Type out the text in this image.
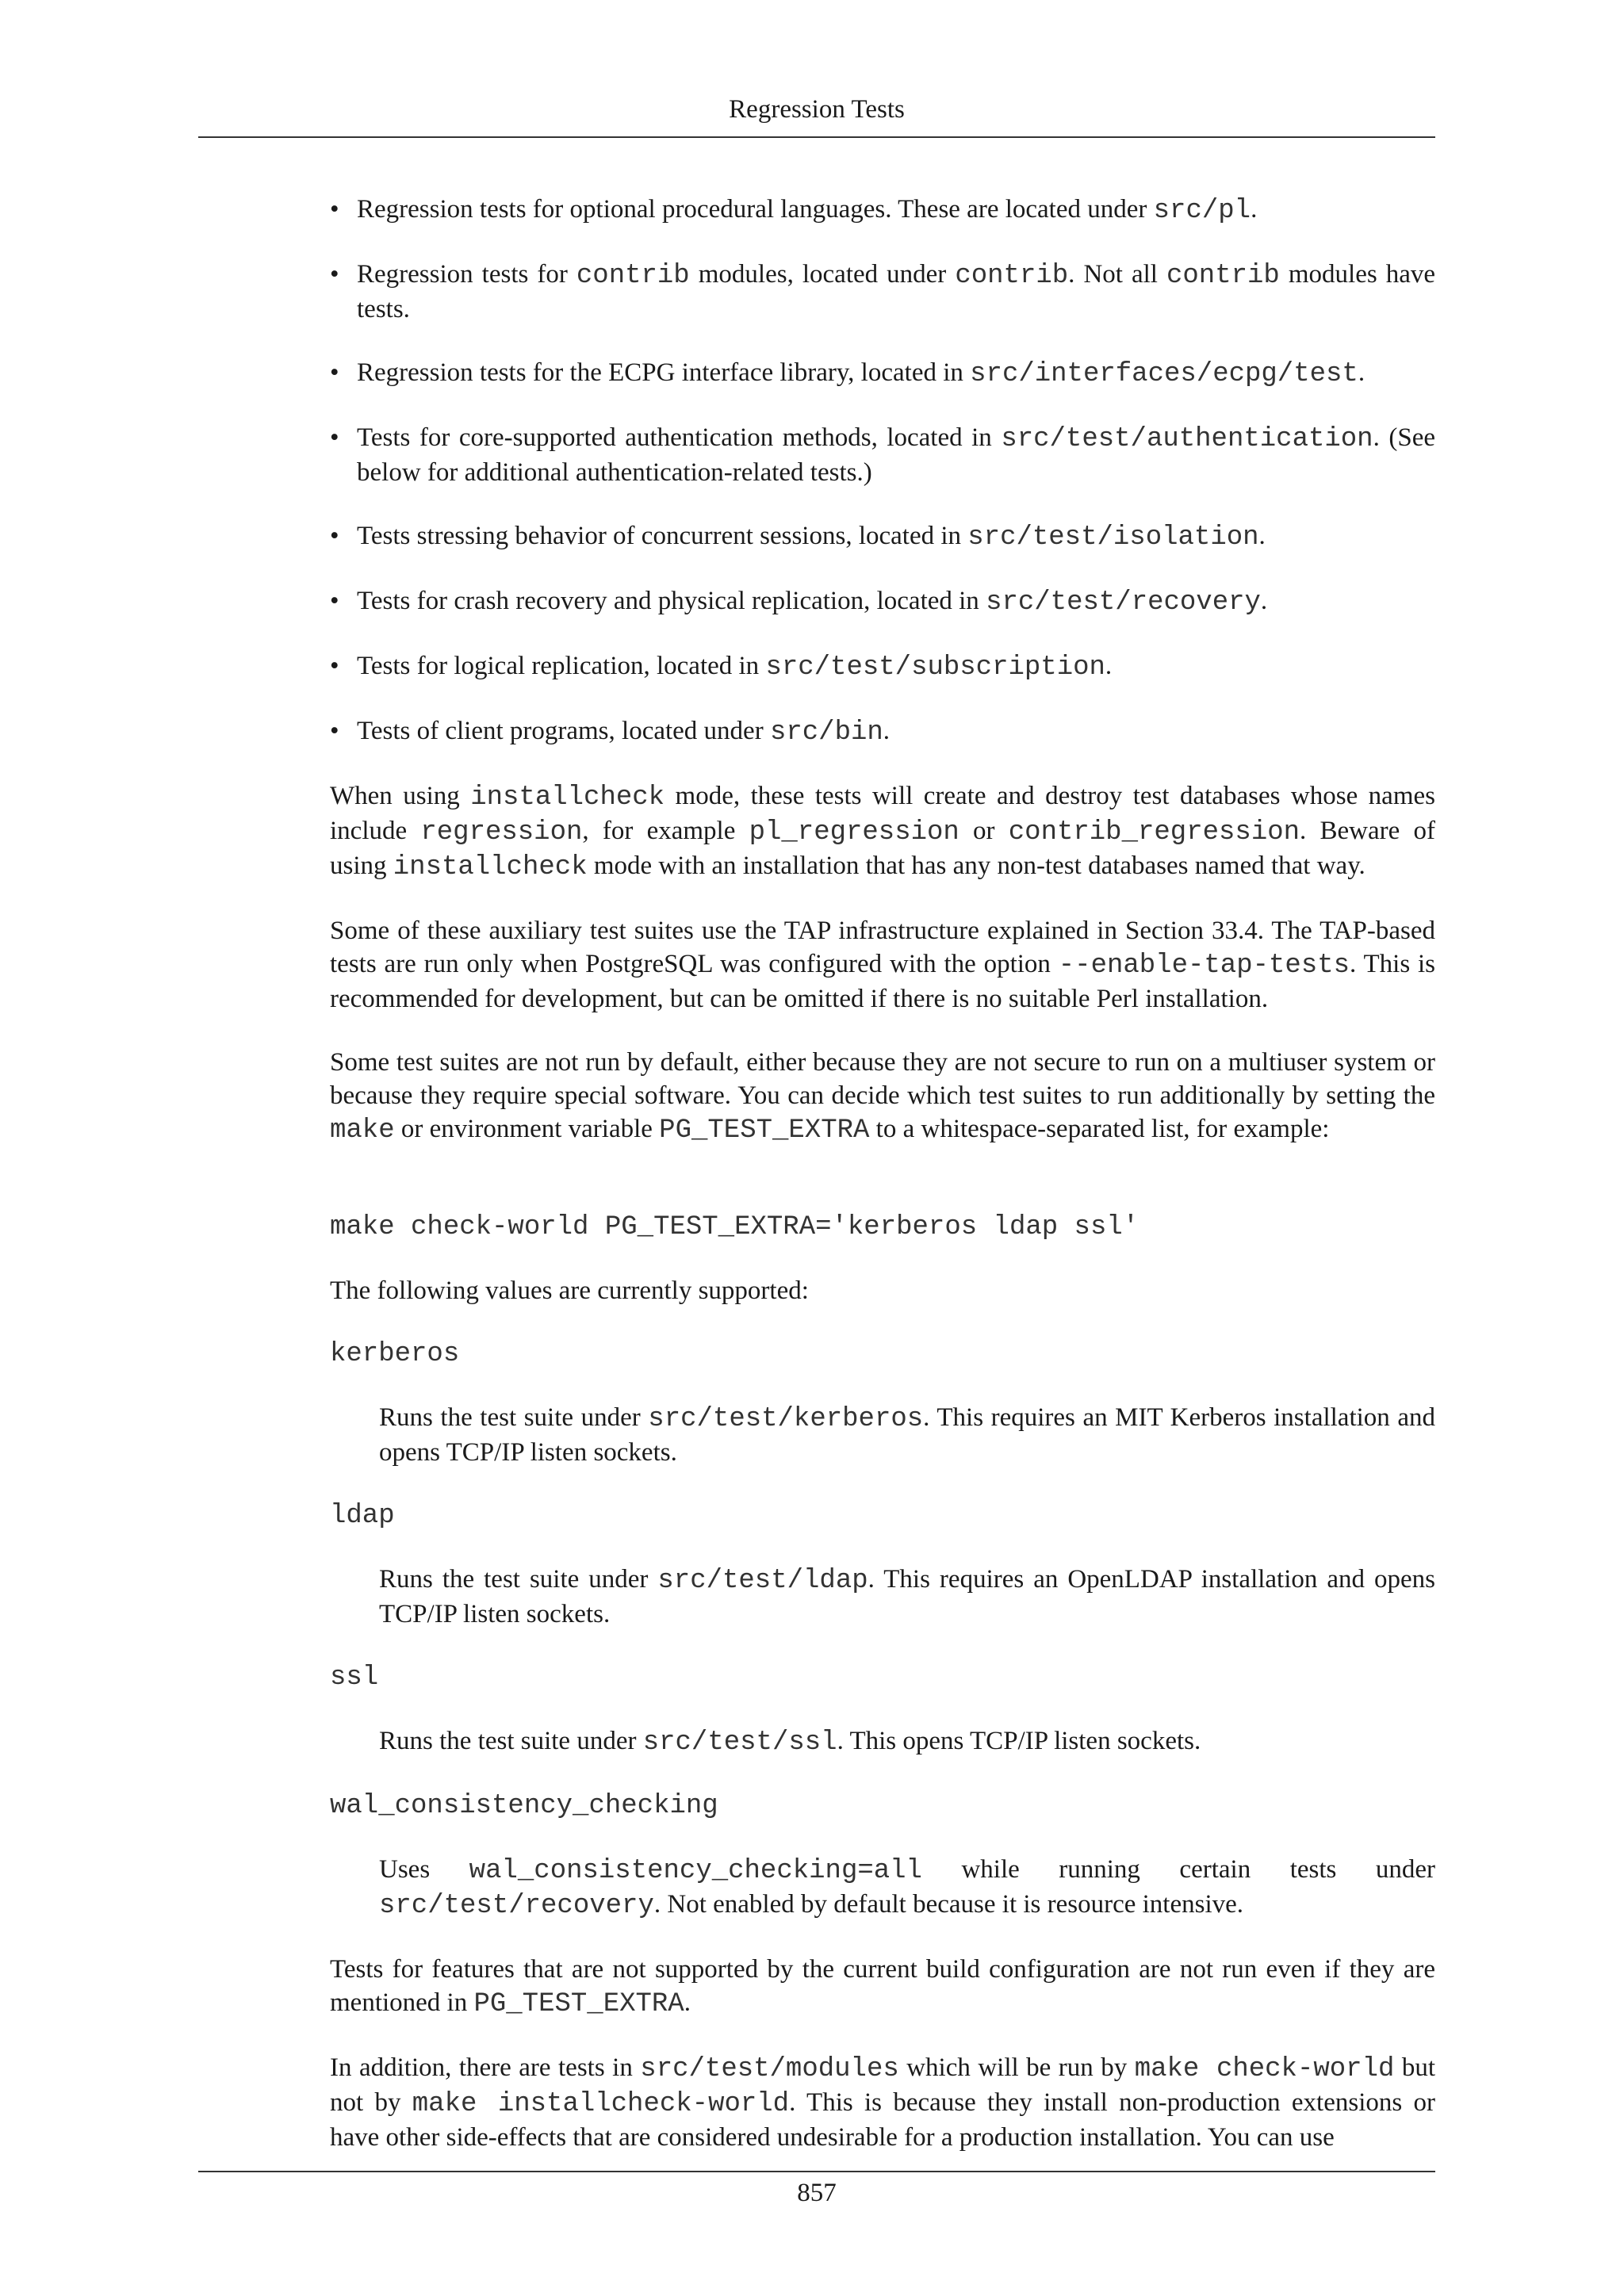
Regression Tests
• Regression tests for optional procedural languages. These are located under src/pl.
• Regression tests for contrib modules, located under contrib. Not all contrib modules have tests.
• Regression tests for the ECPG interface library, located in src/interfaces/ecpg/test.
• Tests for core-supported authentication methods, located in src/test/authentication. (See below for additional authentication-related tests.)
• Tests stressing behavior of concurrent sessions, located in src/test/isolation.
• Tests for crash recovery and physical replication, located in src/test/recovery.
• Tests for logical replication, located in src/test/subscription.
• Tests of client programs, located under src/bin.

When using installcheck mode, these tests will create and destroy test databases whose names include regression, for example pl_regression or contrib_regression. Beware of using installcheck mode with an installation that has any non-test databases named that way.

Some of these auxiliary test suites use the TAP infrastructure explained in Section 33.4. The TAP-based tests are run only when PostgreSQL was configured with the option --enable-tap-tests. This is recommended for development, but can be omitted if there is no suitable Perl installation.

Some test suites are not run by default, either because they are not secure to run on a multiuser system or because they require special software. You can decide which test suites to run additionally by setting the make or environment variable PG_TEST_EXTRA to a whitespace-separated list, for example:

make check-world PG_TEST_EXTRA='kerberos ldap ssl'

The following values are currently supported:

kerberos
Runs the test suite under src/test/kerberos. This requires an MIT Kerberos installation and opens TCP/IP listen sockets.
ldap
Runs the test suite under src/test/ldap. This requires an OpenLDAP installation and opens TCP/IP listen sockets.
ssl
Runs the test suite under src/test/ssl. This opens TCP/IP listen sockets.
wal_consistency_checking
Uses wal_consistency_checking=all while running certain tests under src/test/recovery. Not enabled by default because it is resource intensive.

Tests for features that are not supported by the current build configuration are not run even if they are mentioned in PG_TEST_EXTRA.

In addition, there are tests in src/test/modules which will be run by make check-world but not by make installcheck-world. This is because they install non-production extensions or have other side-effects that are considered undesirable for a production installation. You can use

857
